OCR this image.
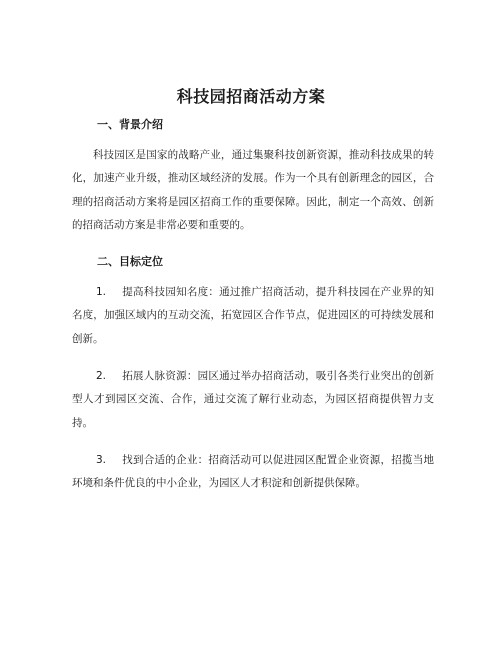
科技园招商活动方案
一、背景介绍
科技园区是国家的战略产业，通过集聚科技创新资源，推动科技成果的转化，加速产业升级，推动区域经济的发展。作为一个具有创新理念的园区，合理的招商活动方案将是园区招商工作的重要保障。因此，制定一个高效、创新的招商活动方案是非常必要和重要的。
二、目标定位
1. 提高科技园知名度：通过推广招商活动，提升科技园在产业界的知名度，加强区域内的互动交流，拓宽园区合作节点，促进园区的可持续发展和创新。
2. 拓展人脉资源：园区通过举办招商活动，吸引各类行业突出的创新型人才到园区交流、合作，通过交流了解行业动态，为园区招商提供智力支持。
3. 找到合适的企业：招商活动可以促进园区配置企业资源，招揽当地环境和条件优良的中小企业，为园区人才积淀和创新提供保障。
